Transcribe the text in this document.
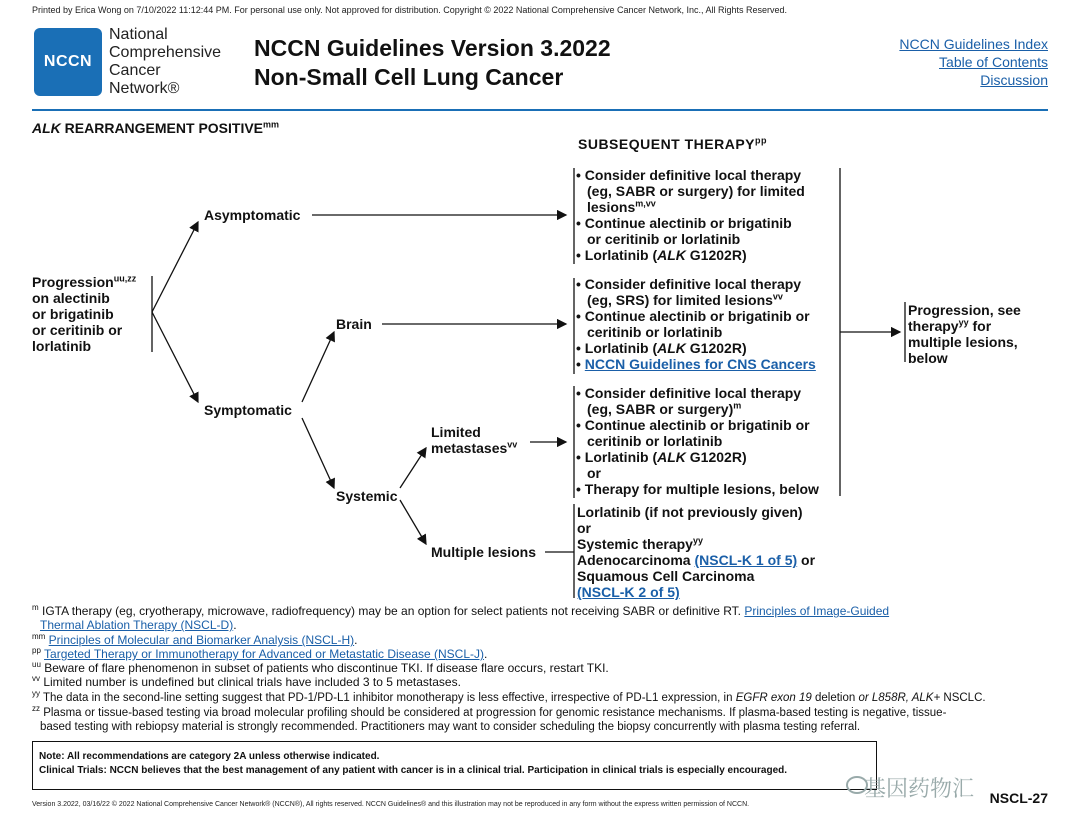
Printed by Erica Wong on 7/10/2022 11:12:44 PM. For personal use only. Not approved for distribution. Copyright © 2022 National Comprehensive Cancer Network, Inc., All Rights Reserved.
NCCN
National
Comprehensive
Cancer
Network®
NCCN Guidelines Version 3.2022
Non-Small Cell Lung Cancer
NCCN Guidelines Index
Table of Contents
Discussion
ALK REARRANGEMENT $POSITIVE^{mm}$
SUBSEQUENT $THERAPY^{pp}$
Progression$^{uu,zz}$
on alectinib
or brigatinib
or ceritinib or
lorlatinib
Asymptomatic
Symptomatic
Brain
Systemic
Limited
metastases$^{vv}$
Multiple lesions
• Consider definitive local therapy
(eg, SABR or surgery) for limited
lesions$^{m,vv}$
• Continue alectinib or brigatinib
or ceritinib or lorlatinib
• Lorlatinib (ALK G1202R)
• Consider definitive local therapy
(eg, SRS) for limited lesions$^{vv}$
• Continue alectinib or brigatinib or
ceritinib or lorlatinib
• Lorlatinib (ALK G1202R)
• NCCN Guidelines for CNS Cancers
• Consider definitive local therapy
(eg, SABR or surgery)$^m$
• Continue alectinib or brigatinib or
ceritinib or lorlatinib
• Lorlatinib (ALK G1202R)
or
• Therapy for multiple lesions, below
Lorlatinib (if not previously given)
or
Systemic therapy$^{yy}$
Adenocarcinoma (NSCL-K 1 of 5) or
Squamous Cell Carcinoma
(NSCL-K 2 of 5)
Progression, see
therapy$^{yy}$ for
multiple lesions,
below
$^m$ IGTA therapy (eg, cryotherapy, microwave, radiofrequency) may be an option for select patients not receiving SABR or definitive RT. Principles of Image-Guided
Thermal Ablation Therapy (NSCL-D).
$^{mm}$ Principles of Molecular and Biomarker Analysis (NSCL-H).
$^{pp}$ Targeted Therapy or Immunotherapy for Advanced or Metastatic Disease (NSCL-J).
$^{uu}$ Beware of flare phenomenon in subset of patients who discontinue TKI. If disease flare occurs, restart TKI.
$^{vv}$ Limited number is undefined but clinical trials have included 3 to 5 metastases.
$^{yy}$ The data in the second-line setting suggest that PD-1/PD-L1 inhibitor monotherapy is less effective, irrespective of PD-L1 expression, in EGFR exon 19 deletion or L858R, ALK+ NSCLC.
$^{zz}$ Plasma or tissue-based testing via broad molecular profiling should be considered at progression for genomic resistance mechanisms. If plasma-based testing is negative, tissue-
based testing with rebiopsy material is strongly recommended. Practitioners may want to consider scheduling the biopsy concurrently with plasma testing referral.
Note: All recommendations are category 2A unless otherwise indicated.
Clinical Trials: NCCN believes that the best management of any patient with cancer is in a clinical trial. Participation in clinical trials is especially encouraged.
基因药物汇
Version 3.2022, 03/16/22 © 2022 National Comprehensive Cancer Network® (NCCN®), All rights reserved. NCCN Guidelines® and this illustration may not be reproduced in any form without the express written permission of NCCN.	NSCL-27
